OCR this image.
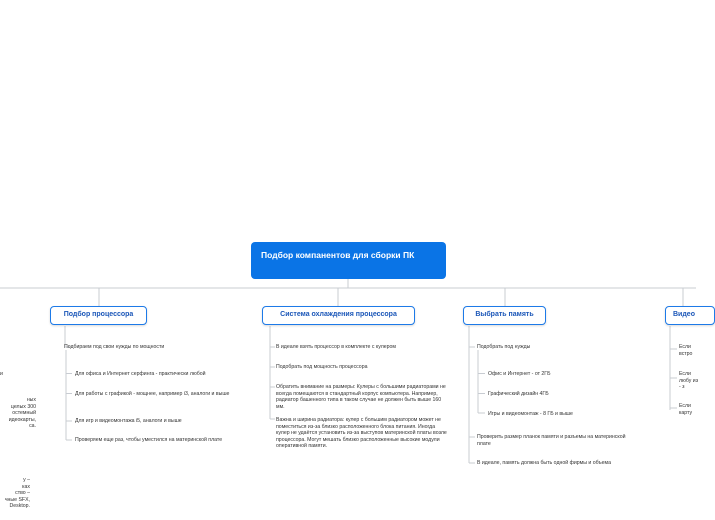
Подбор компанентов для сборки ПК
и
ных
целых 300
остемный
идеокарты,
са.
у –
ках
ство –
чные SFX,
Desktop.
Подбор процессора
Подбираем под свои нужды по мощности
Для офиса и Интернет серфинга - практически любой
Для работы с графикой - мощнее, например i3, аналоги и выше
Для игр и видеомонтажа i5, аналоги и выше
Проверяем еще раз, чтобы уместился на материнской плате
Система охлаждения процессора
В идеале взять процессор в комплекте с кулером
Подобрать под мощность процессора
Обратить внимание на размеры: Кулеры с большими радиаторами не всегда помещаются в стандартный корпус компьютера. Например, радиатор башенного типа в таком случае не должен быть выше 160 мм.
Важна и ширина радиатора: кулер с большим радиатором может не поместиться из-за близко расположенного блока питания. Иногда кулер не удаётся установить из-за выступов материнской платы возле процессора. Могут мешать близко расположенные высокие модули оперативной памяти.
Выбрать память
Подобрать под нужды
Офис и Интернет - от 2ГБ
Графический дизайн 4ГБ
Игры и видеомонтаж - 8 ГБ и выше
Проверить размер планок памяти и разъемы на материнской плате
В идеале, память должна быть одной фирмы и объема
Видео
Если встро
Если любу из - з
Если карту
